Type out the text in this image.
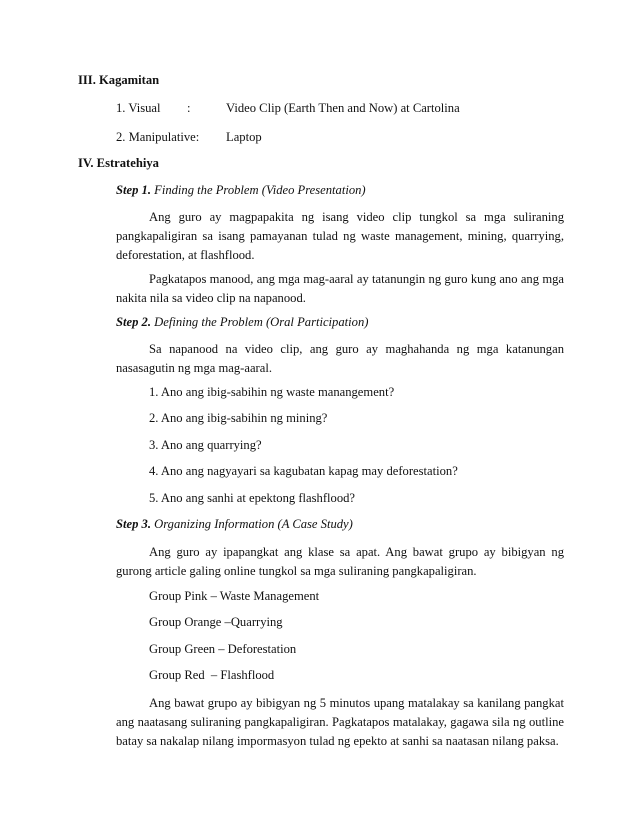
III. Kagamitan
1. Visual :	Video Clip (Earth Then and Now) at Cartolina
2. Manipulative: Laptop
IV. Estratehiya
Step 1. Finding the Problem (Video Presentation)
Ang guro ay magpapakita ng isang video clip tungkol sa mga suliraning pangkapaligiran sa isang pamayanan tulad ng waste management, mining, quarrying, deforestation, at flashflood.
Pagkatapos manood, ang mga mag-aaral ay tatanungin ng guro kung ano ang mga nakita nila sa video clip na napanood.
Step 2. Defining the Problem (Oral Participation)
Sa napanood na video clip, ang guro ay maghahanda ng mga katanungan nasasagutin ng mga mag-aaral.
1. Ano ang ibig-sabihin ng waste manangement?
2. Ano ang ibig-sabihin ng mining?
3. Ano ang quarrying?
4. Ano ang nagyayari sa kagubatan kapag may deforestation?
5. Ano ang sanhi at epektong flashflood?
Step 3. Organizing Information (A Case Study)
Ang guro ay ipapangkat ang klase sa apat. Ang bawat grupo ay bibigyan ng gurong article galing online tungkol sa mga suliraning pangkapaligiran.
Group Pink – Waste Management
Group Orange –Quarrying
Group Green – Deforestation
Group Red  – Flashflood
Ang bawat grupo ay bibigyan ng 5 minutos upang matalakay sa kanilang pangkat ang naatasang suliraning pangkapaligiran. Pagkatapos matalakay, gagawa sila ng outline batay sa nakalap nilang impormasyon tulad ng epekto at sanhi sa naatasan nilang paksa.
